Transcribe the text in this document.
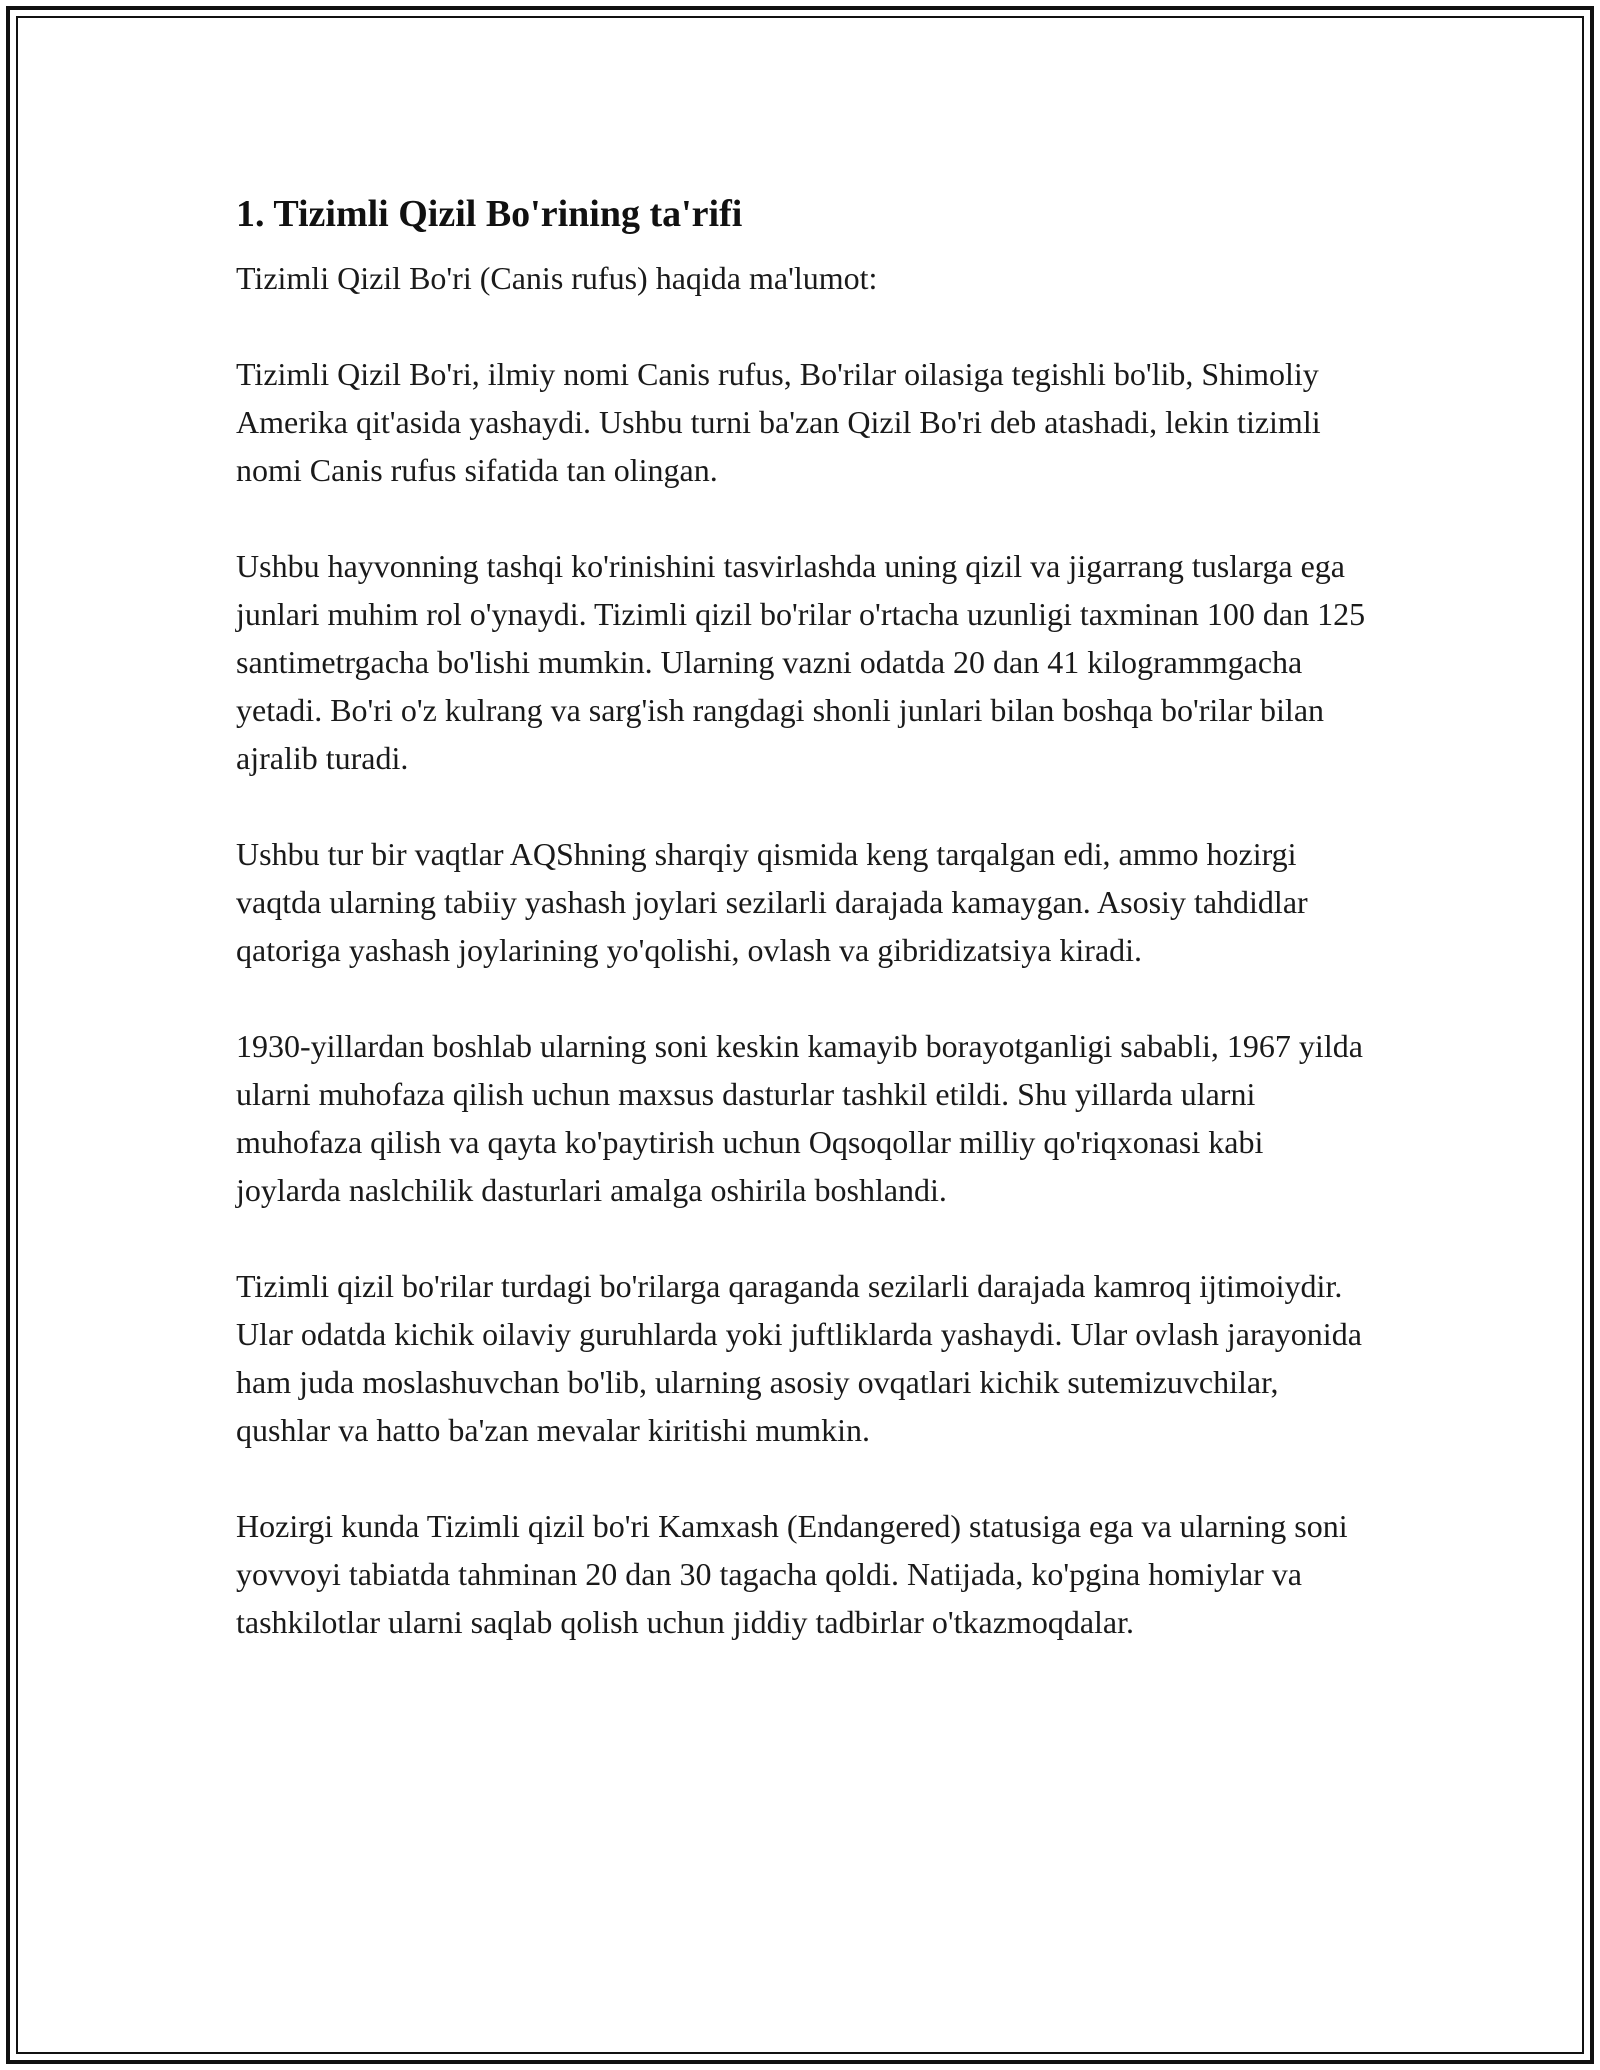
1. Tizimli Qizil Bo'rining ta'rifi

Tizimli Qizil Bo'ri (Canis rufus) haqida ma'lumot:

Tizimli Qizil Bo'ri, ilmiy nomi Canis rufus, Bo'rilar oilasiga tegishli bo'lib, Shimoliy Amerika qit'asida yashaydi. Ushbu turni ba'zan Qizil Bo'ri deb atashadi, lekin tizimli nomi Canis rufus sifatida tan olingan.

Ushbu hayvonning tashqi ko'rinishini tasvirlashda uning qizil va jigarrang tuslarga ega junlari muhim rol o'ynaydi. Tizimli qizil bo'rilar o'rtacha uzunligi taxminan 100 dan 125 santimetrgacha bo'lishi mumkin. Ularning vazni odatda 20 dan 41 kilogrammgacha yetadi. Bo'ri o'z kulrang va sarg'ish rangdagi shonli junlari bilan boshqa bo'rilar bilan ajralib turadi.

Ushbu tur bir vaqtlar AQShning sharqiy qismida keng tarqalgan edi, ammo hozirgi vaqtda ularning tabiiy yashash joylari sezilarli darajada kamaygan. Asosiy tahdidlar qatoriga yashash joylarining yo'qolishi, ovlash va gibridizatsiya kiradi.

1930-yillardan boshlab ularning soni keskin kamayib borayotganligi sababli, 1967 yilda ularni muhofaza qilish uchun maxsus dasturlar tashkil etildi. Shu yillarda ularni muhofaza qilish va qayta ko'paytirish uchun Oqsoqollar milliy qo'riqxonasi kabi joylarda naslchilik dasturlari amalga oshirila boshlandi.

Tizimli qizil bo'rilar turdagi bo'rilarga qaraganda sezilarli darajada kamroq ijtimoiydir. Ular odatda kichik oilaviy guruhlarda yoki juftliklarda yashaydi. Ular ovlash jarayonida ham juda moslashuvchan bo'lib, ularning asosiy ovqatlari kichik sutemizuvchilar, qushlar va hatto ba'zan mevalar kiritishi mumkin.

Hozirgi kunda Tizimli qizil bo'ri Kamxash (Endangered) statusiga ega va ularning soni yovvoyi tabiatda tahminan 20 dan 30 tagacha qoldi. Natijada, ko'pgina homiylar va tashkilotlar ularni saqlab qolish uchun jiddiy tadbirlar o'tkazmoqdalar.
